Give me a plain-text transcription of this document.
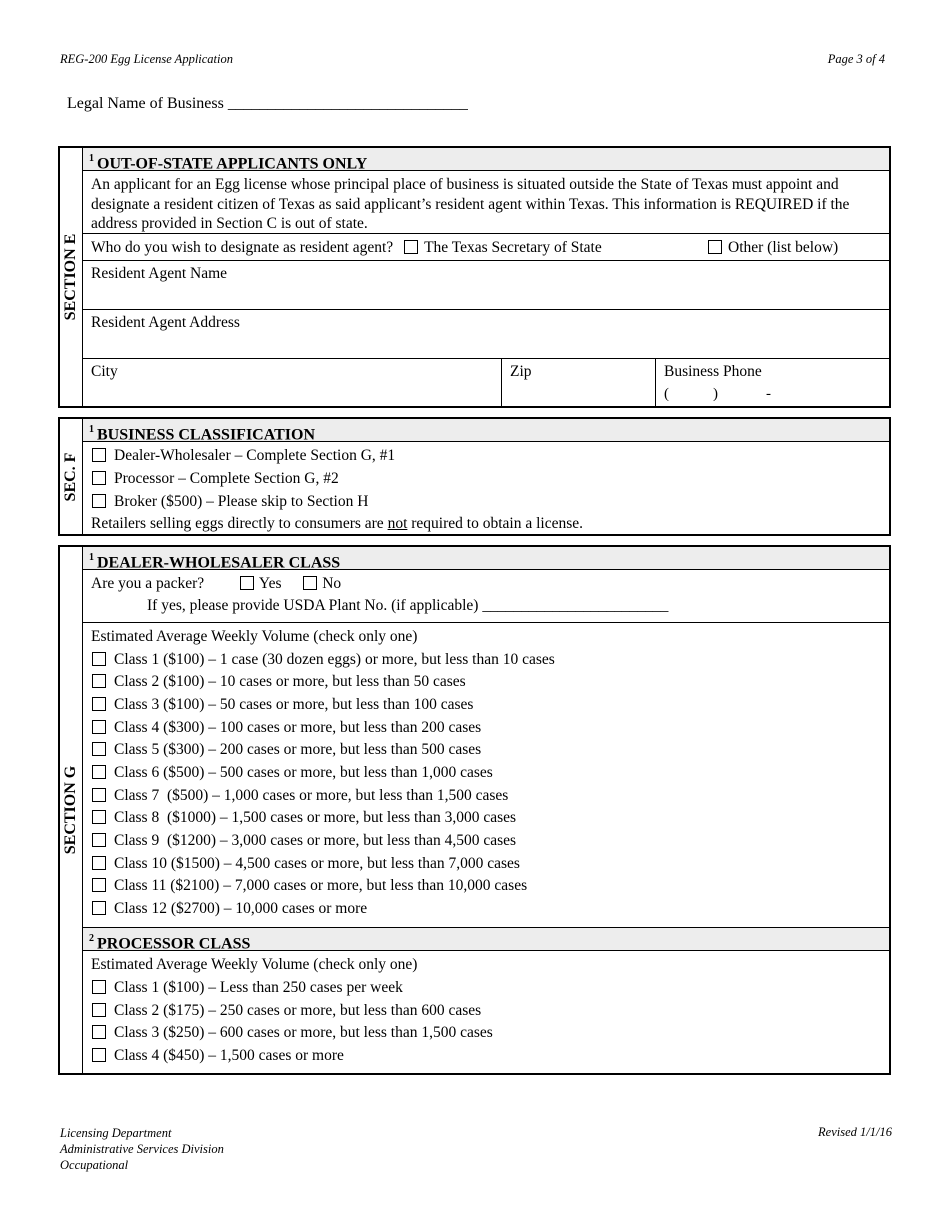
REG-200 Egg License Application	Page 3 of 4
Legal Name of Business ______________________________
SECTION E
$^1$ OUT-OF-STATE APPLICANTS ONLY
An applicant for an Egg license whose principal place of business is situated outside the State of Texas must appoint and designate a resident citizen of Texas as said applicant’s resident agent within Texas. This information is REQUIRED if the address provided in Section C is out of state.
Who do you wish to designate as resident agent? The Texas Secretary of State	Other (list below)
Resident Agent Name
Resident Agent Address
City	Zip	Business Phone
(	)	-
SEC. F
$^1$ BUSINESS CLASSIFICATION
Dealer-Wholesaler – Complete Section G, #1
Processor – Complete Section G, #2
Broker ($500) – Please skip to Section H
Retailers selling eggs directly to consumers are not required to obtain a license.
SECTION G
$^1$ DEALER-WHOLESALER CLASS
Are you a packer?	Yes	No
If yes, please provide USDA Plant No. (if applicable) ________________________
Estimated Average Weekly Volume (check only one)
Class 1 ($100) – 1 case (30 dozen eggs) or more, but less than 10 cases
Class 2 ($100) – 10 cases or more, but less than 50 cases
Class 3 ($100) – 50 cases or more, but less than 100 cases
Class 4 ($300) – 100 cases or more, but less than 200 cases
Class 5 ($300) – 200 cases or more, but less than 500 cases
Class 6 ($500) – 500 cases or more, but less than 1,000 cases
Class 7  ($500) – 1,000 cases or more, but less than 1,500 cases
Class 8  ($1000) – 1,500 cases or more, but less than 3,000 cases
Class 9  ($1200) – 3,000 cases or more, but less than 4,500 cases
Class 10 ($1500) – 4,500 cases or more, but less than 7,000 cases
Class 11 ($2100) – 7,000 cases or more, but less than 10,000 cases
Class 12 ($2700) – 10,000 cases or more
$^2$ PROCESSOR CLASS
Estimated Average Weekly Volume (check only one)
Class 1 ($100) – Less than 250 cases per week
Class 2 ($175) – 250 cases or more, but less than 600 cases
Class 3 ($250) – 600 cases or more, but less than 1,500 cases
Class 4 ($450) – 1,500 cases or more
Licensing Department
Administrative Services Division
Occupational
Revised 1/1/16
